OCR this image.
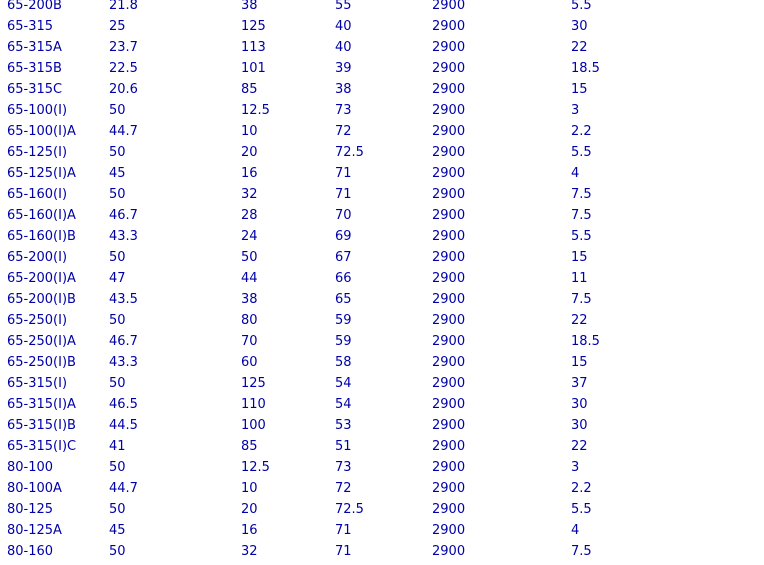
65-200B	21.8	38	55	2900	5.5
65-315	25	125	40	2900	30
65-315A	23.7	113	40	2900	22
65-315B	22.5	101	39	2900	18.5
65-315C	20.6	85	38	2900	15
65-100(I)	50	12.5	73	2900	3
65-100(I)A	44.7	10	72	2900	2.2
65-125(I)	50	20	72.5	2900	5.5
65-125(I)A	45	16	71	2900	4
65-160(I)	50	32	71	2900	7.5
65-160(I)A	46.7	28	70	2900	7.5
65-160(I)B	43.3	24	69	2900	5.5
65-200(I)	50	50	67	2900	15
65-200(I)A	47	44	66	2900	11
65-200(I)B	43.5	38	65	2900	7.5
65-250(I)	50	80	59	2900	22
65-250(I)A	46.7	70	59	2900	18.5
65-250(I)B	43.3	60	58	2900	15
65-315(I)	50	125	54	2900	37
65-315(I)A	46.5	110	54	2900	30
65-315(I)B	44.5	100	53	2900	30
65-315(I)C	41	85	51	2900	22
80-100	50	12.5	73	2900	3
80-100A	44.7	10	72	2900	2.2
80-125	50	20	72.5	2900	5.5
80-125A	45	16	71	2900	4
80-160	50	32	71	2900	7.5
